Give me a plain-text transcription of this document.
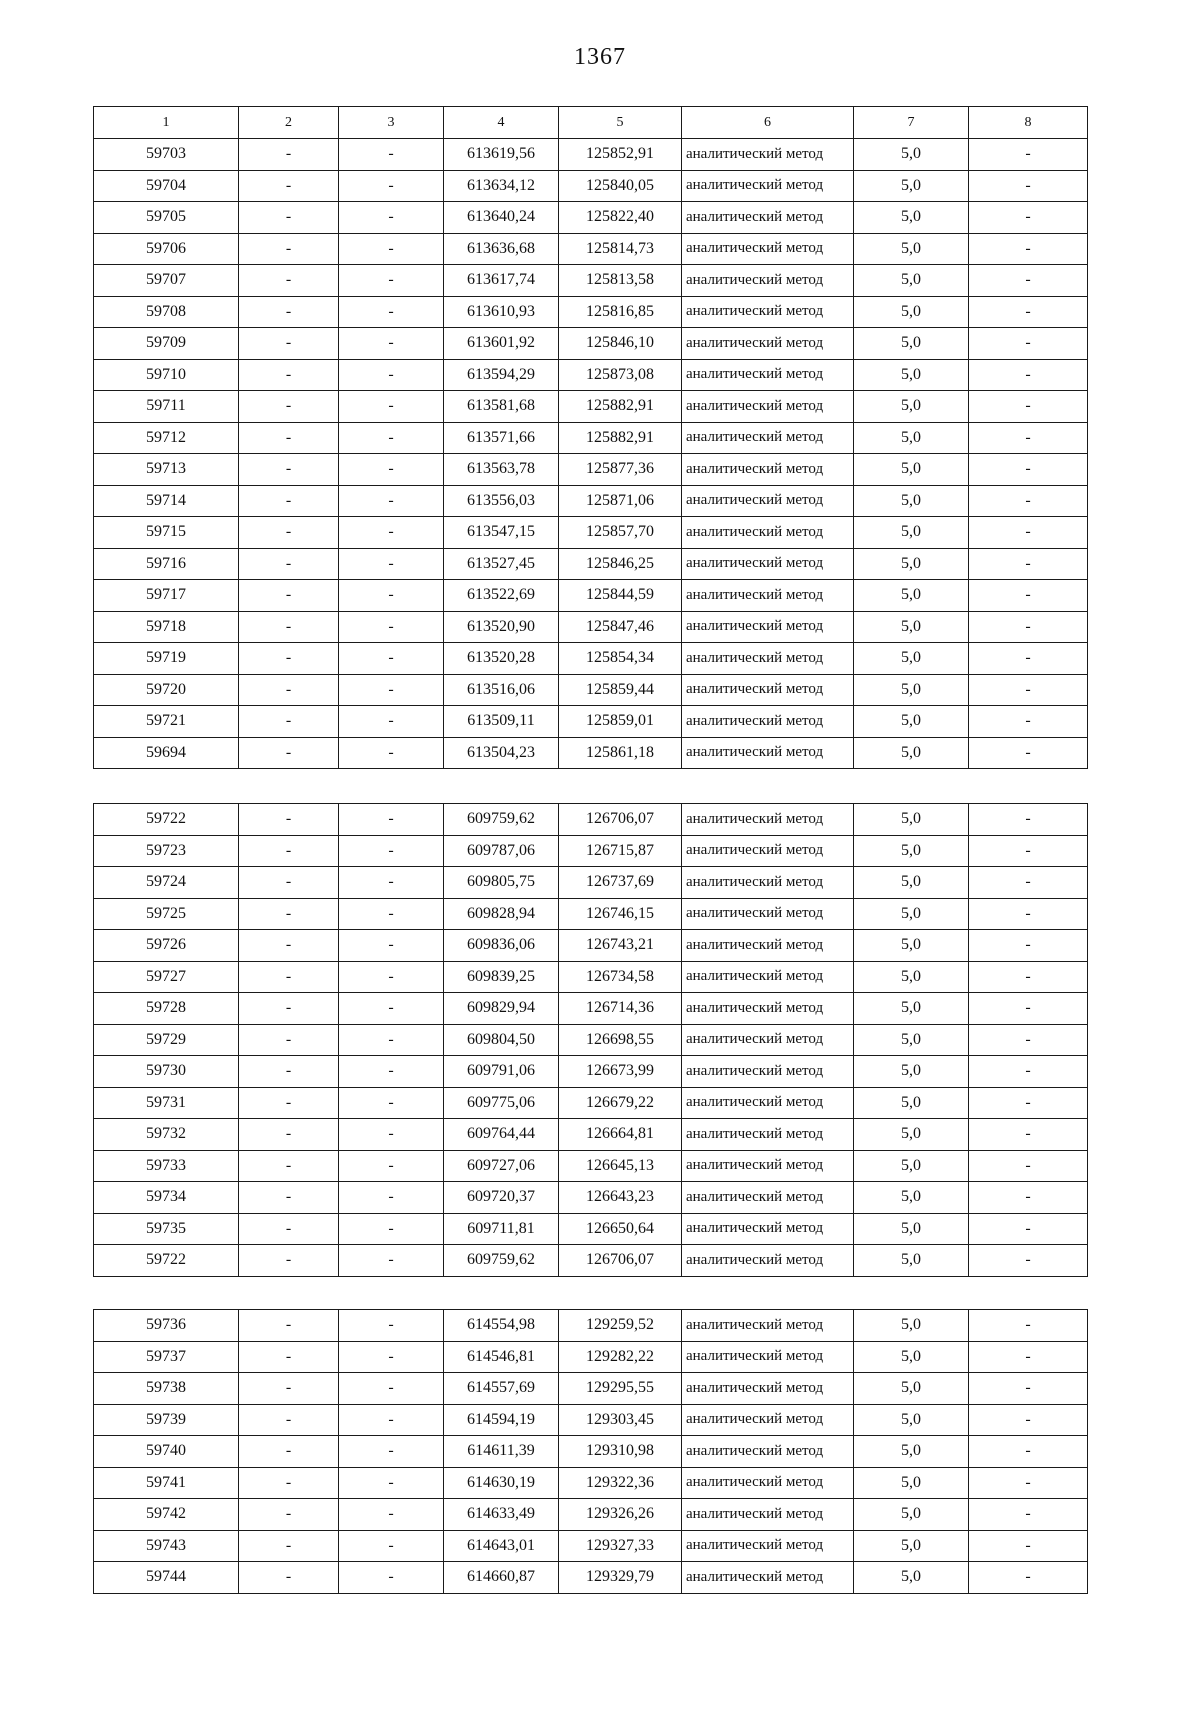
1367
1	2	3	4	5	6	7	8
59703	-	-	613619,56	125852,91	аналитический метод	5,0	-
59704	-	-	613634,12	125840,05	аналитический метод	5,0	-
59705	-	-	613640,24	125822,40	аналитический метод	5,0	-
59706	-	-	613636,68	125814,73	аналитический метод	5,0	-
59707	-	-	613617,74	125813,58	аналитический метод	5,0	-
59708	-	-	613610,93	125816,85	аналитический метод	5,0	-
59709	-	-	613601,92	125846,10	аналитический метод	5,0	-
59710	-	-	613594,29	125873,08	аналитический метод	5,0	-
59711	-	-	613581,68	125882,91	аналитический метод	5,0	-
59712	-	-	613571,66	125882,91	аналитический метод	5,0	-
59713	-	-	613563,78	125877,36	аналитический метод	5,0	-
59714	-	-	613556,03	125871,06	аналитический метод	5,0	-
59715	-	-	613547,15	125857,70	аналитический метод	5,0	-
59716	-	-	613527,45	125846,25	аналитический метод	5,0	-
59717	-	-	613522,69	125844,59	аналитический метод	5,0	-
59718	-	-	613520,90	125847,46	аналитический метод	5,0	-
59719	-	-	613520,28	125854,34	аналитический метод	5,0	-
59720	-	-	613516,06	125859,44	аналитический метод	5,0	-
59721	-	-	613509,11	125859,01	аналитический метод	5,0	-
59694	-	-	613504,23	125861,18	аналитический метод	5,0	-
59722	-	-	609759,62	126706,07	аналитический метод	5,0	-
59723	-	-	609787,06	126715,87	аналитический метод	5,0	-
59724	-	-	609805,75	126737,69	аналитический метод	5,0	-
59725	-	-	609828,94	126746,15	аналитический метод	5,0	-
59726	-	-	609836,06	126743,21	аналитический метод	5,0	-
59727	-	-	609839,25	126734,58	аналитический метод	5,0	-
59728	-	-	609829,94	126714,36	аналитический метод	5,0	-
59729	-	-	609804,50	126698,55	аналитический метод	5,0	-
59730	-	-	609791,06	126673,99	аналитический метод	5,0	-
59731	-	-	609775,06	126679,22	аналитический метод	5,0	-
59732	-	-	609764,44	126664,81	аналитический метод	5,0	-
59733	-	-	609727,06	126645,13	аналитический метод	5,0	-
59734	-	-	609720,37	126643,23	аналитический метод	5,0	-
59735	-	-	609711,81	126650,64	аналитический метод	5,0	-
59722	-	-	609759,62	126706,07	аналитический метод	5,0	-
59736	-	-	614554,98	129259,52	аналитический метод	5,0	-
59737	-	-	614546,81	129282,22	аналитический метод	5,0	-
59738	-	-	614557,69	129295,55	аналитический метод	5,0	-
59739	-	-	614594,19	129303,45	аналитический метод	5,0	-
59740	-	-	614611,39	129310,98	аналитический метод	5,0	-
59741	-	-	614630,19	129322,36	аналитический метод	5,0	-
59742	-	-	614633,49	129326,26	аналитический метод	5,0	-
59743	-	-	614643,01	129327,33	аналитический метод	5,0	-
59744	-	-	614660,87	129329,79	аналитический метод	5,0	-
